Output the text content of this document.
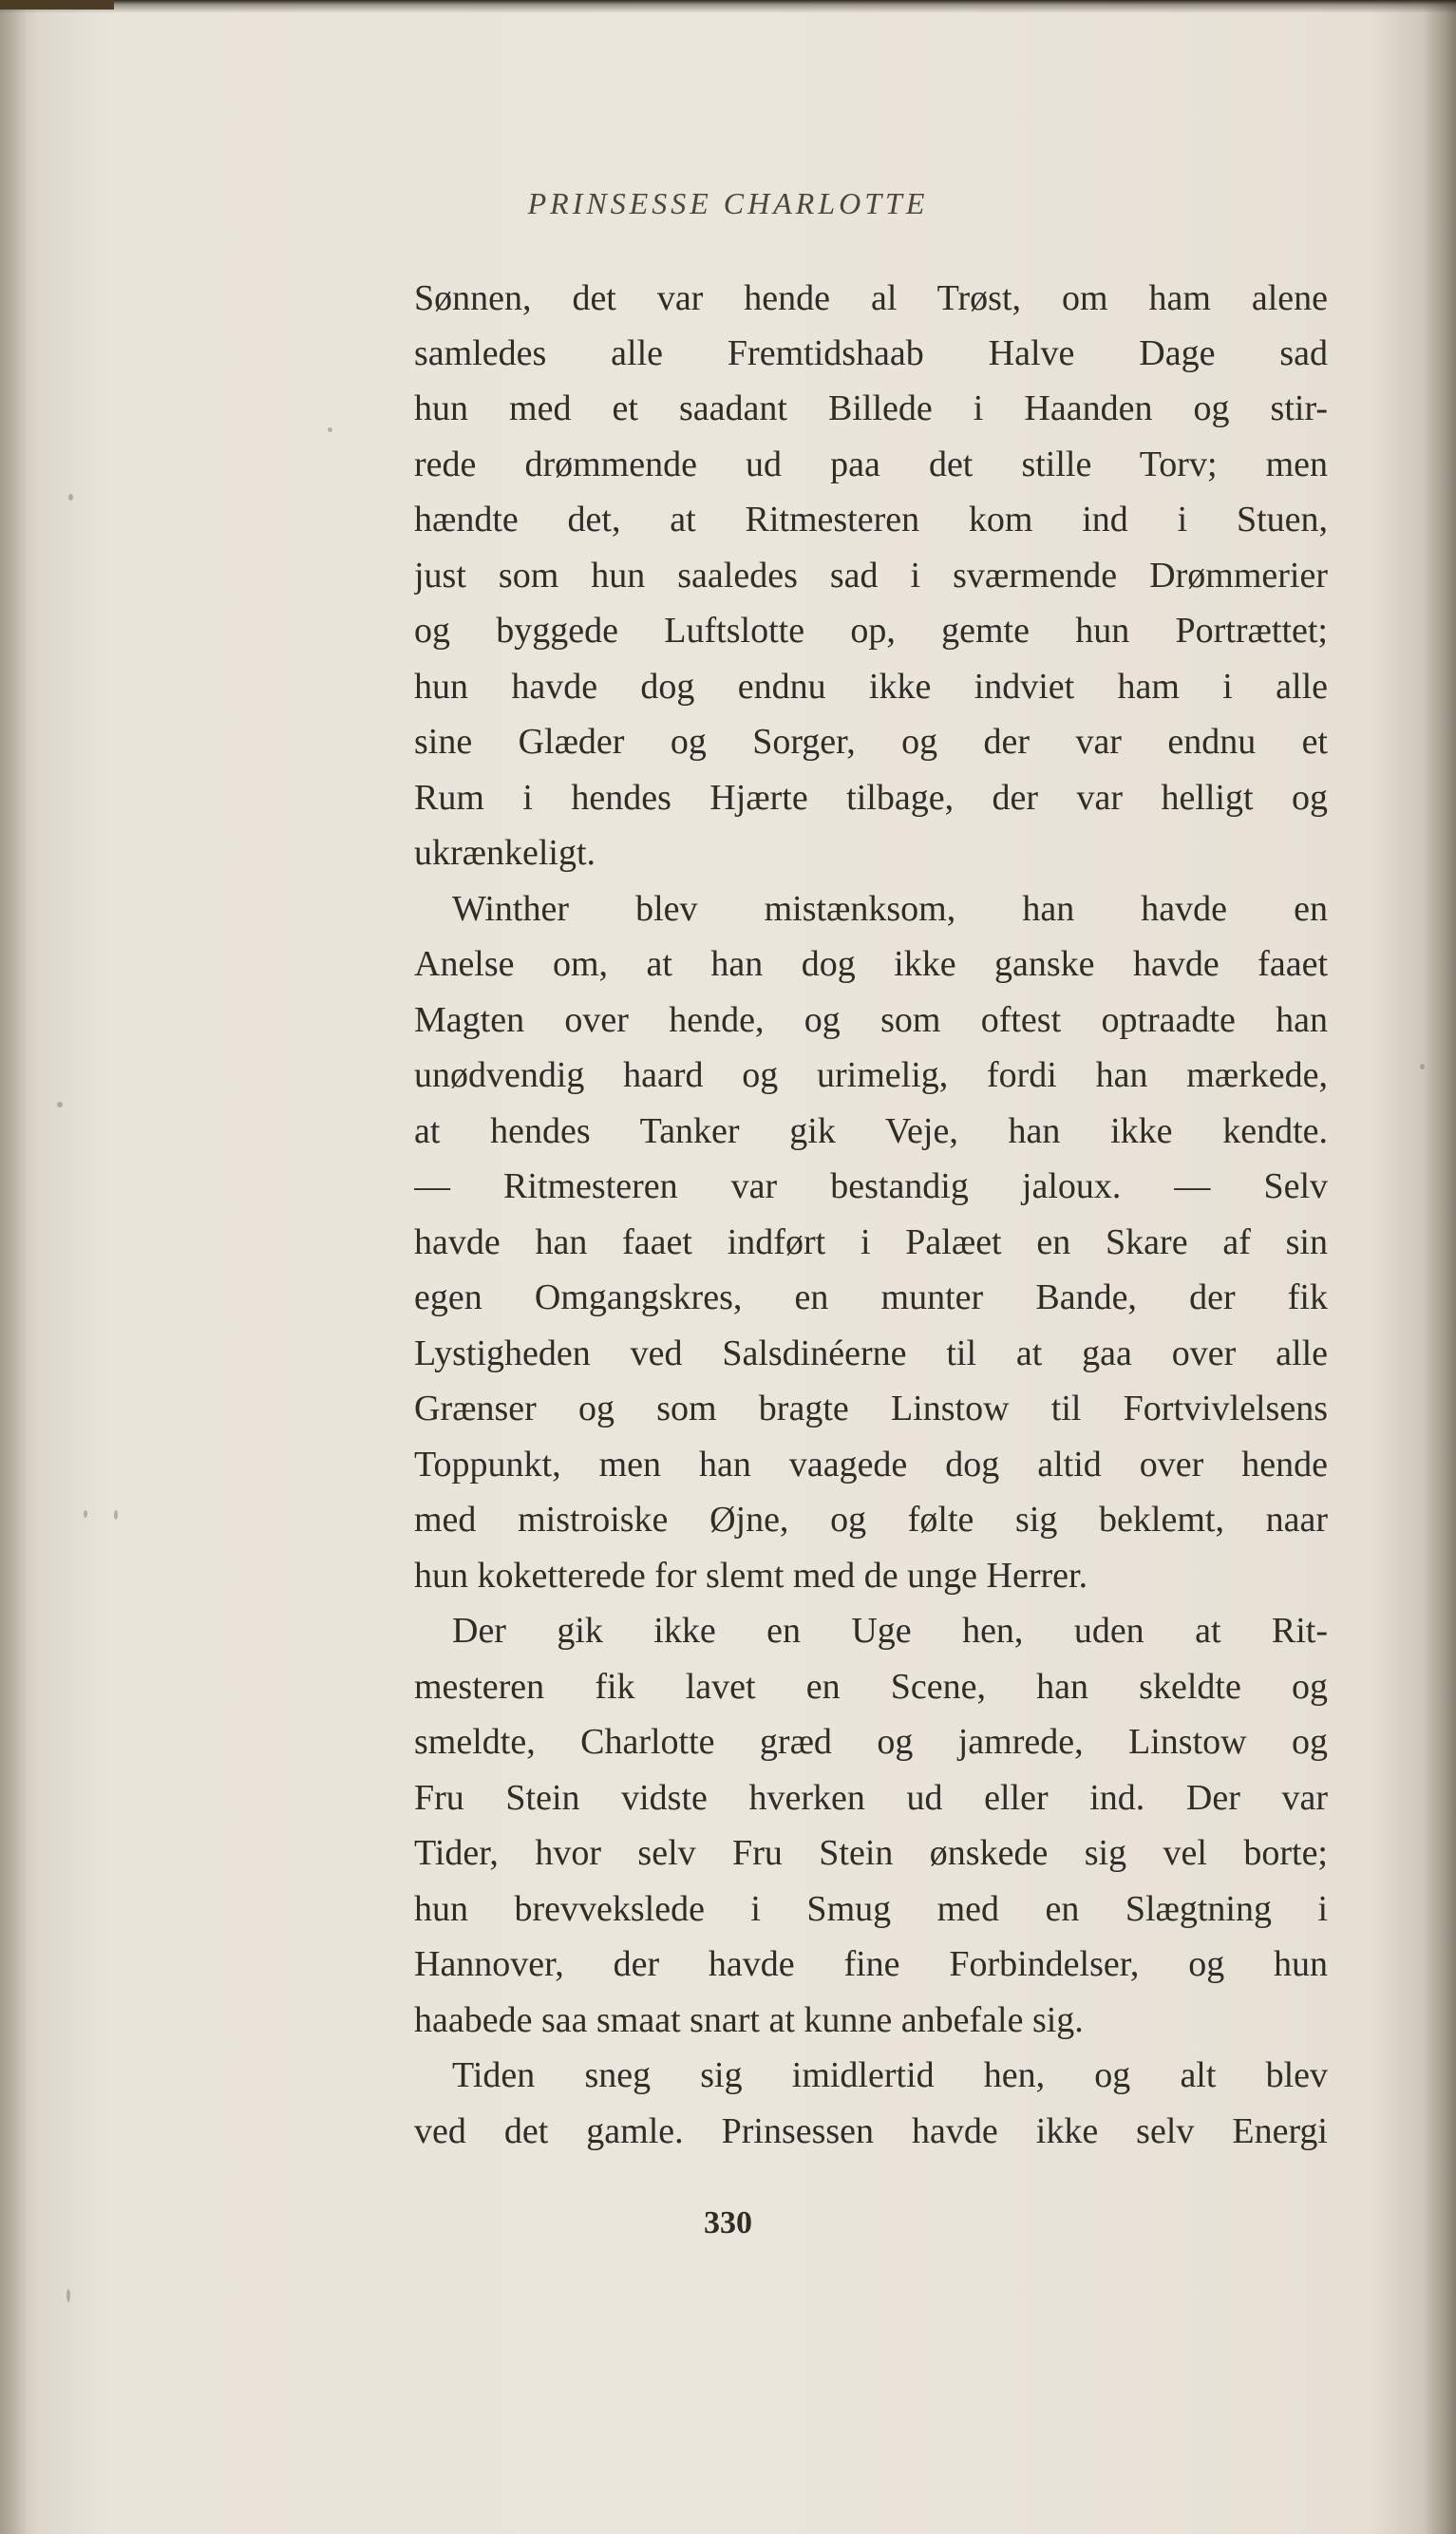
PRINSESSE CHARLOTTE
Sønnen, det var hende al Trøst, om ham alene
samledes alle Fremtidshaab Halve Dage sad
hun med et saadant Billede i Haanden og stir-
rede drømmende ud paa det stille Torv; men
hændte det, at Ritmesteren kom ind i Stuen,
just som hun saaledes sad i sværmende Drømmerier
og byggede Luftslotte op, gemte hun Portrættet;
hun havde dog endnu ikke indviet ham i alle
sine Glæder og Sorger, og der var endnu et
Rum i hendes Hjærte tilbage, der var helligt og
ukrænkeligt.
Winther blev mistænksom, han havde en
Anelse om, at han dog ikke ganske havde faaet
Magten over hende, og som oftest optraadte han
unødvendig haard og urimelig, fordi han mærkede,
at hendes Tanker gik Veje, han ikke kendte.
— Ritmesteren var bestandig jaloux. — Selv
havde han faaet indført i Palæet en Skare af sin
egen Omgangskres, en munter Bande, der fik
Lystigheden ved Salsdinéerne til at gaa over alle
Grænser og som bragte Linstow til Fortvivlelsens
Toppunkt, men han vaagede dog altid over hende
med mistroiske Øjne, og følte sig beklemt, naar
hun koketterede for slemt med de unge Herrer.
Der gik ikke en Uge hen, uden at Rit-
mesteren fik lavet en Scene, han skeldte og
smeldte, Charlotte græd og jamrede, Linstow og
Fru Stein vidste hverken ud eller ind. Der var
Tider, hvor selv Fru Stein ønskede sig vel borte;
hun brevvekslede i Smug med en Slægtning i
Hannover, der havde fine Forbindelser, og hun
haabede saa smaat snart at kunne anbefale sig.
Tiden sneg sig imidlertid hen, og alt blev
ved det gamle. Prinsessen havde ikke selv Energi
330
